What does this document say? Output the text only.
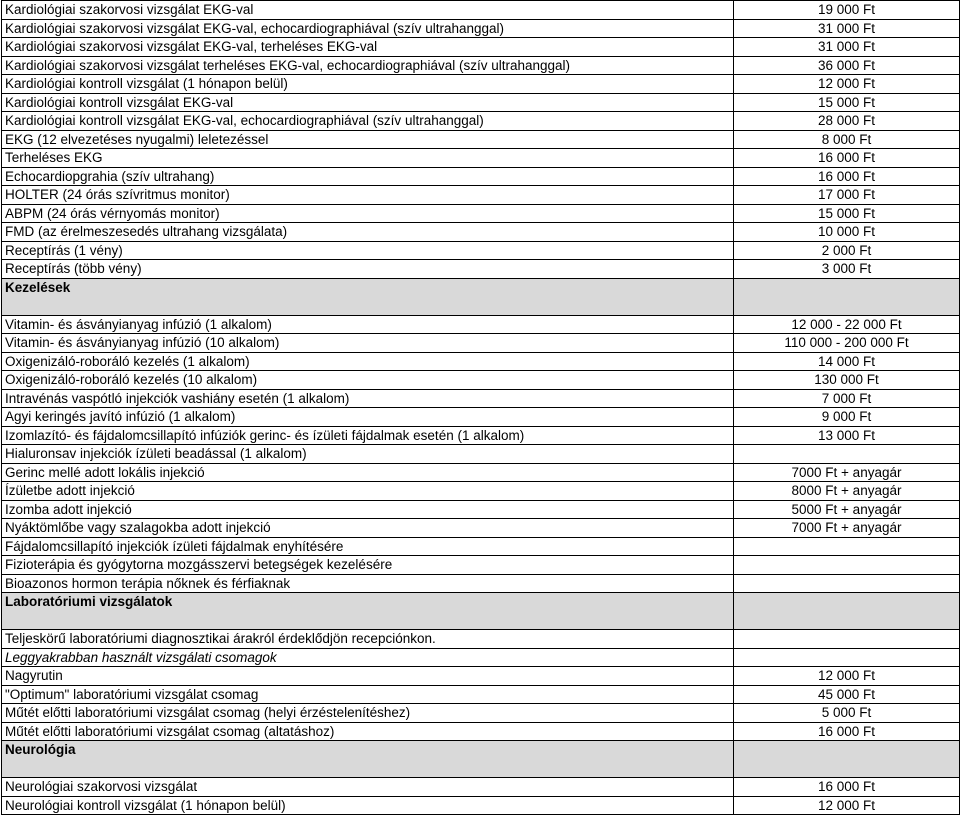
Kardiológiai szakorvosi vizsgálat EKG-val	19 000 Ft
Kardiológiai szakorvosi vizsgálat EKG-val, echocardiographiával (szív ultrahanggal)	31 000 Ft
Kardiológiai szakorvosi vizsgálat EKG-val, terheléses EKG-val	31 000 Ft
Kardiológiai szakorvosi vizsgálat terheléses EKG-val, echocardiographiával (szív ultrahanggal)	36 000 Ft
Kardiológiai kontroll vizsgálat (1 hónapon belül)	12 000 Ft
Kardiológiai kontroll vizsgálat EKG-val	15 000 Ft
Kardiológiai kontroll vizsgálat EKG-val, echocardiographiával (szív ultrahanggal)	28 000 Ft
EKG (12 elvezetéses nyugalmi) leletezéssel	8 000 Ft
Terheléses EKG	16 000 Ft
Echocardiopgrahia (szív ultrahang)	16 000 Ft
HOLTER (24 órás szívritmus monitor)	17 000 Ft
ABPM (24 órás vérnyomás monitor)	15 000 Ft
FMD (az érelmeszesedés ultrahang vizsgálata)	10 000 Ft
Receptírás (1 vény)	2 000 Ft
Receptírás (több vény)	3 000 Ft
Kezelések	
Vitamin- és ásványianyag infúzió (1 alkalom)	12 000 - 22 000 Ft
Vitamin- és ásványianyag infúzió (10 alkalom)	110 000 - 200 000 Ft
Oxigenizáló-roboráló kezelés (1 alkalom)	14 000 Ft
Oxigenizáló-roboráló kezelés (10 alkalom)	130 000 Ft
Intravénás vaspótló injekciók vashiány esetén (1 alkalom)	7 000 Ft
Agyi keringés javító infúzió (1 alkalom)	9 000 Ft
Izomlazító- és fájdalomcsillapító infúziók gerinc- és ízületi fájdalmak esetén (1 alkalom)	13 000 Ft
Hialuronsav injekciók ízületi beadással (1 alkalom)	
Gerinc mellé adott lokális injekció	7000 Ft + anyagár
Ízületbe adott injekció	8000 Ft + anyagár
Izomba adott injekció	5000 Ft + anyagár
Nyáktömlőbe vagy szalagokba adott injekció	7000 Ft + anyagár
Fájdalomcsillapító injekciók ízületi fájdalmak enyhítésére	
Fizioterápia és gyógytorna mozgásszervi betegségek kezelésére	
Bioazonos hormon terápia nőknek és férfiaknak	
Laboratóriumi vizsgálatok	
Teljeskörű laboratóriumi diagnosztikai árakról érdeklődjön recepciónkon.	
Leggyakrabban használt vizsgálati csomagok	
Nagyrutin	12 000 Ft
"Optimum" laboratóriumi vizsgálat csomag	45 000 Ft
Műtét előtti laboratóriumi vizsgálat csomag (helyi érzéstelenítéshez)	5 000 Ft
Műtét előtti laboratóriumi vizsgálat csomag (altatáshoz)	16 000 Ft
Neurológia	
Neurológiai szakorvosi vizsgálat	16 000 Ft
Neurológiai kontroll vizsgálat (1 hónapon belül)	12 000 Ft
